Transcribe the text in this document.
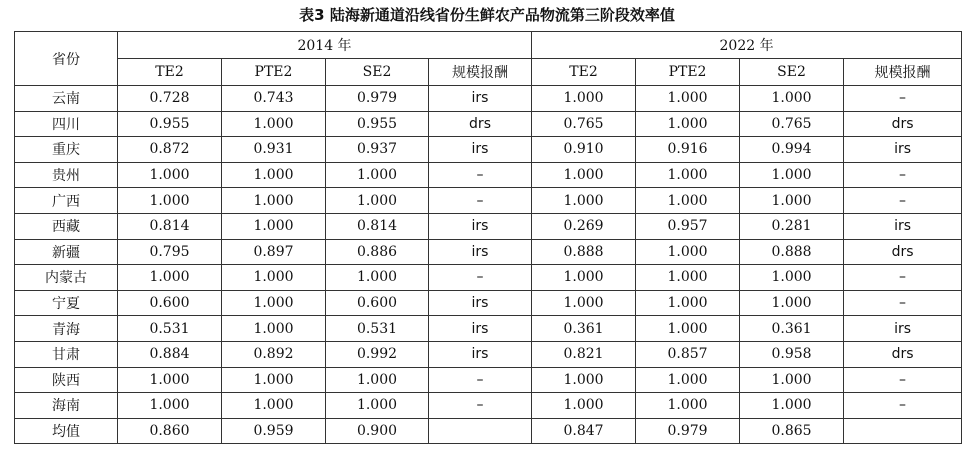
表3 陆海新通道沿线省份生鲜农产品物流第三阶段效率值
省份	2014 年				2022 年			
	TE2	PTE2	SE2	规模报酬	TE2	PTE2	SE2	规模报酬
云南	0.728	0.743	0.979	irs	1.000	1.000	1.000	–
四川	0.955	1.000	0.955	drs	0.765	1.000	0.765	drs
重庆	0.872	0.931	0.937	irs	0.910	0.916	0.994	irs
贵州	1.000	1.000	1.000	–	1.000	1.000	1.000	–
广西	1.000	1.000	1.000	–	1.000	1.000	1.000	–
西藏	0.814	1.000	0.814	irs	0.269	0.957	0.281	irs
新疆	0.795	0.897	0.886	irs	0.888	1.000	0.888	drs
内蒙古	1.000	1.000	1.000	–	1.000	1.000	1.000	–
宁夏	0.600	1.000	0.600	irs	1.000	1.000	1.000	–
青海	0.531	1.000	0.531	irs	0.361	1.000	0.361	irs
甘肃	0.884	0.892	0.992	irs	0.821	0.857	0.958	drs
陕西	1.000	1.000	1.000	–	1.000	1.000	1.000	–
海南	1.000	1.000	1.000	–	1.000	1.000	1.000	–
均值	0.860	0.959	0.900		0.847	0.979	0.865	
